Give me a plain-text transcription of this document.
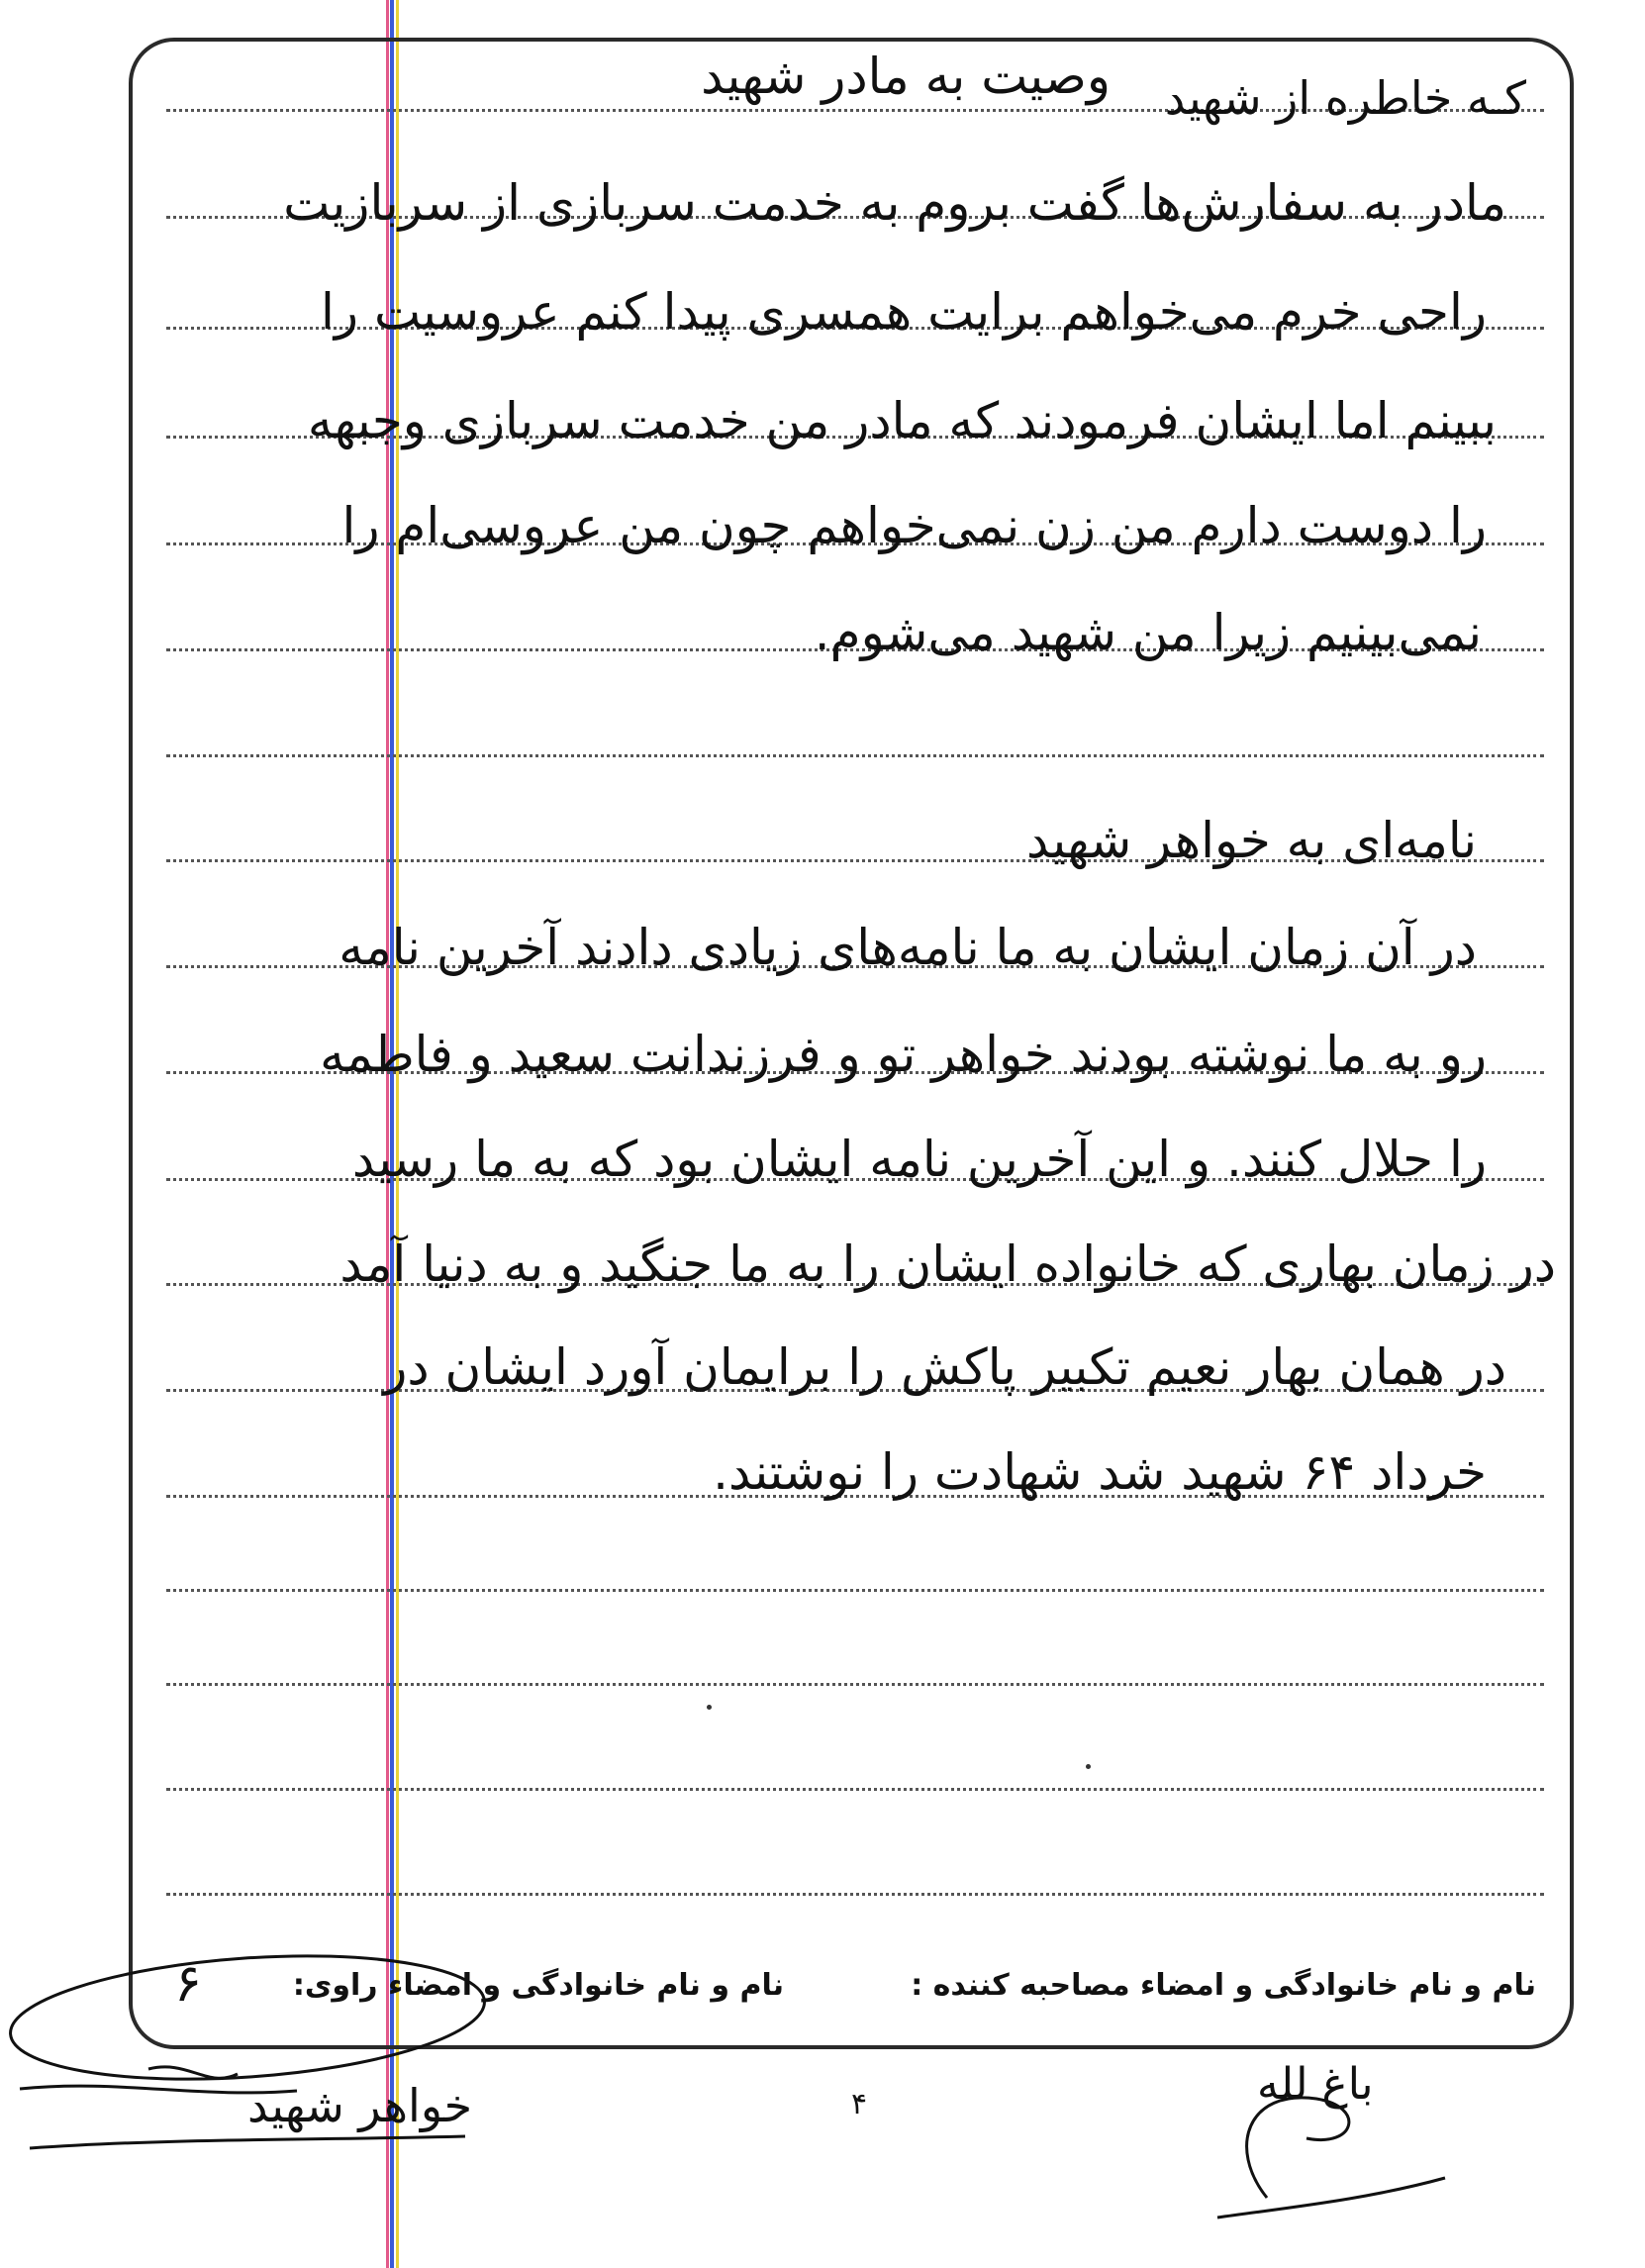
کـه خاطره از شهید
وصیت به مادر شهید
مادر به سفارش‌ها گفت بروم به خدمت سربازی از سرباز‌یت
راحی خرم می‌خواهم برایت همسری پیدا کنم عروسیت را
ببینم اما ایشان فرمودند که مادر من خدمت سربازی وجبهه
را دوست دارم من زن نمی‌خواهم چون من عروسی‌ام را
نمی‌بینیم زیرا من شهید می‌شوم.
نامه‌ای به خواهر شهید
در آن زمان ایشان به ما نامه‌های زیادی دادند آخرین نامه
رو به ما نوشته بودند خواهر تو و فرزندانت سعید و فاطمه
را حلال کنند. و این آخرین نامه ایشان بود که به ما رسید
در زمان بهاری که خانواده ایشان را به ما جنگید و به دنیا آمد
در همان بهار نعیم تکبیر پاکش را برایمان آورد ایشان در
خرداد ۶۴ شهید شد شهادت را نوشتند.
نام و نام خانوادگی و امضاء مصاحبه کننده :
نام و نام خانوادگی و امضاء راوی:
۶
خواهر شهید	۴	باغ لله
